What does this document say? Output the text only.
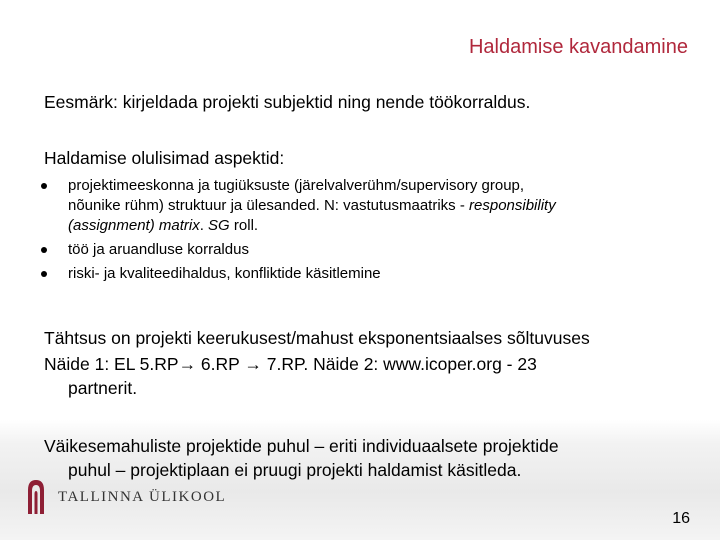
Haldamise kavandamine
Eesmärk: kirjeldada projekti subjektid ning nende töökorraldus.
Haldamise olulisimad aspektid:
projektimeeskonna ja tugiüksuste (järelvalverühm/supervisory group,
nõunike rühm) struktuur ja ülesanded. N: vastutusmaatriks - responsibility
(assignment) matrix. SG roll.
töö ja aruandluse korraldus
riski- ja kvaliteedihaldus, konfliktide käsitlemine
Tähtsus on projekti keerukusest/mahust eksponentsiaalses sõltuvuses
Näide 1: EL 5.RP→ 6.RP → 7.RP. Näide 2: www.icoper.org - 23
partnerit.
Väikesemahuliste projektide puhul – eriti individuaalsete projektide
puhul – projektiplaan ei pruugi projekti haldamist käsitleda.
TALLINNA ÜLIKOOL
16
